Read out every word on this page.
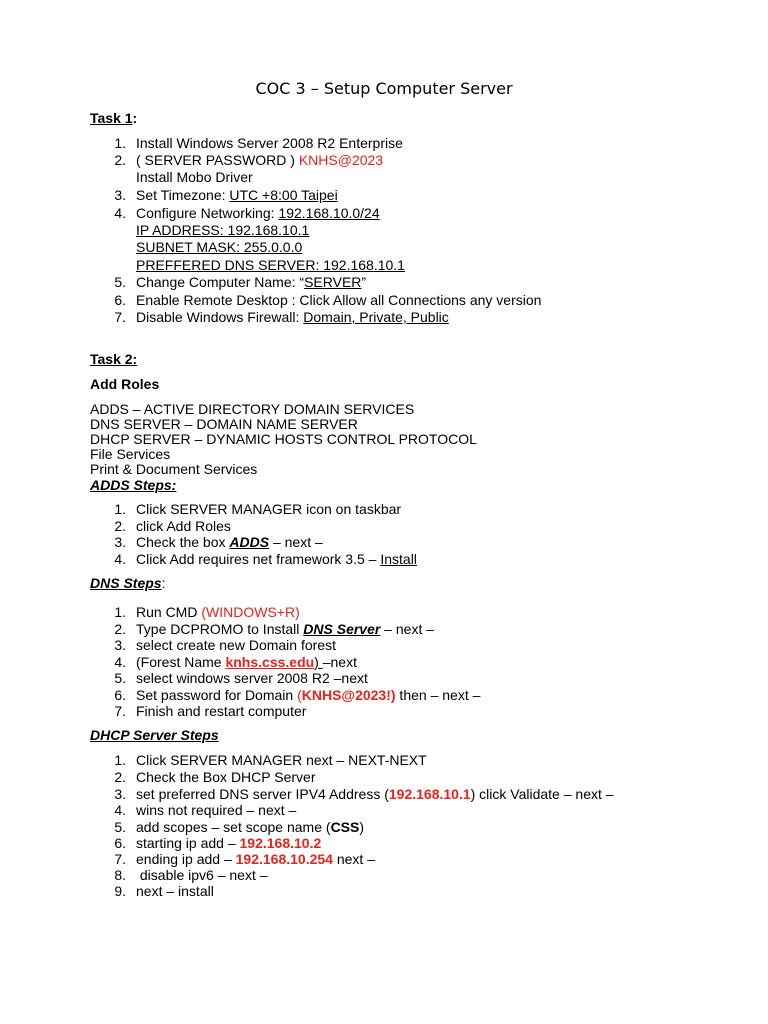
COC 3 – Setup Computer Server
Task 1:
1. Install Windows Server 2008 R2 Enterprise
2. ( SERVER PASSWORD ) KNHS@2023
Install Mobo Driver
3. Set Timezone: UTC +8:00 Taipei
4. Configure Networking: 192.168.10.0/24
IP ADDRESS: 192.168.10.1
SUBNET MASK: 255.0.0.0
PREFFERED DNS SERVER: 192.168.10.1
5. Change Computer Name: “SERVER”
6. Enable Remote Desktop : Click Allow all Connections any version
7. Disable Windows Firewall: Domain, Private, Public
Task 2:
Add Roles
ADDS – ACTIVE DIRECTORY DOMAIN SERVICES
DNS SERVER – DOMAIN NAME SERVER
DHCP SERVER – DYNAMIC HOSTS CONTROL PROTOCOL
File Services
Print & Document Services
ADDS Steps:
1. Click SERVER MANAGER icon on taskbar
2. click Add Roles
3. Check the box ADDS – next –
4. Click Add requires net framework 3.5 – Install
DNS Steps:
1. Run CMD (WINDOWS+R)
2. Type DCPROMO to Install DNS Server – next –
3. select create new Domain forest
4. (Forest Name knhs.css.edu) –next
5. select windows server 2008 R2 –next
6. Set password for Domain (KNHS@2023!) then – next –
7. Finish and restart computer
DHCP Server Steps
1. Click SERVER MANAGER next – NEXT-NEXT
2. Check the Box DHCP Server
3. set preferred DNS server IPV4 Address (192.168.10.1) click Validate – next –
4. wins not required – next –
5. add scopes – set scope name (CSS)
6. starting ip add – 192.168.10.2
7. ending ip add – 192.168.10.254 next –
8. disable ipv6 – next –
9. next – install
